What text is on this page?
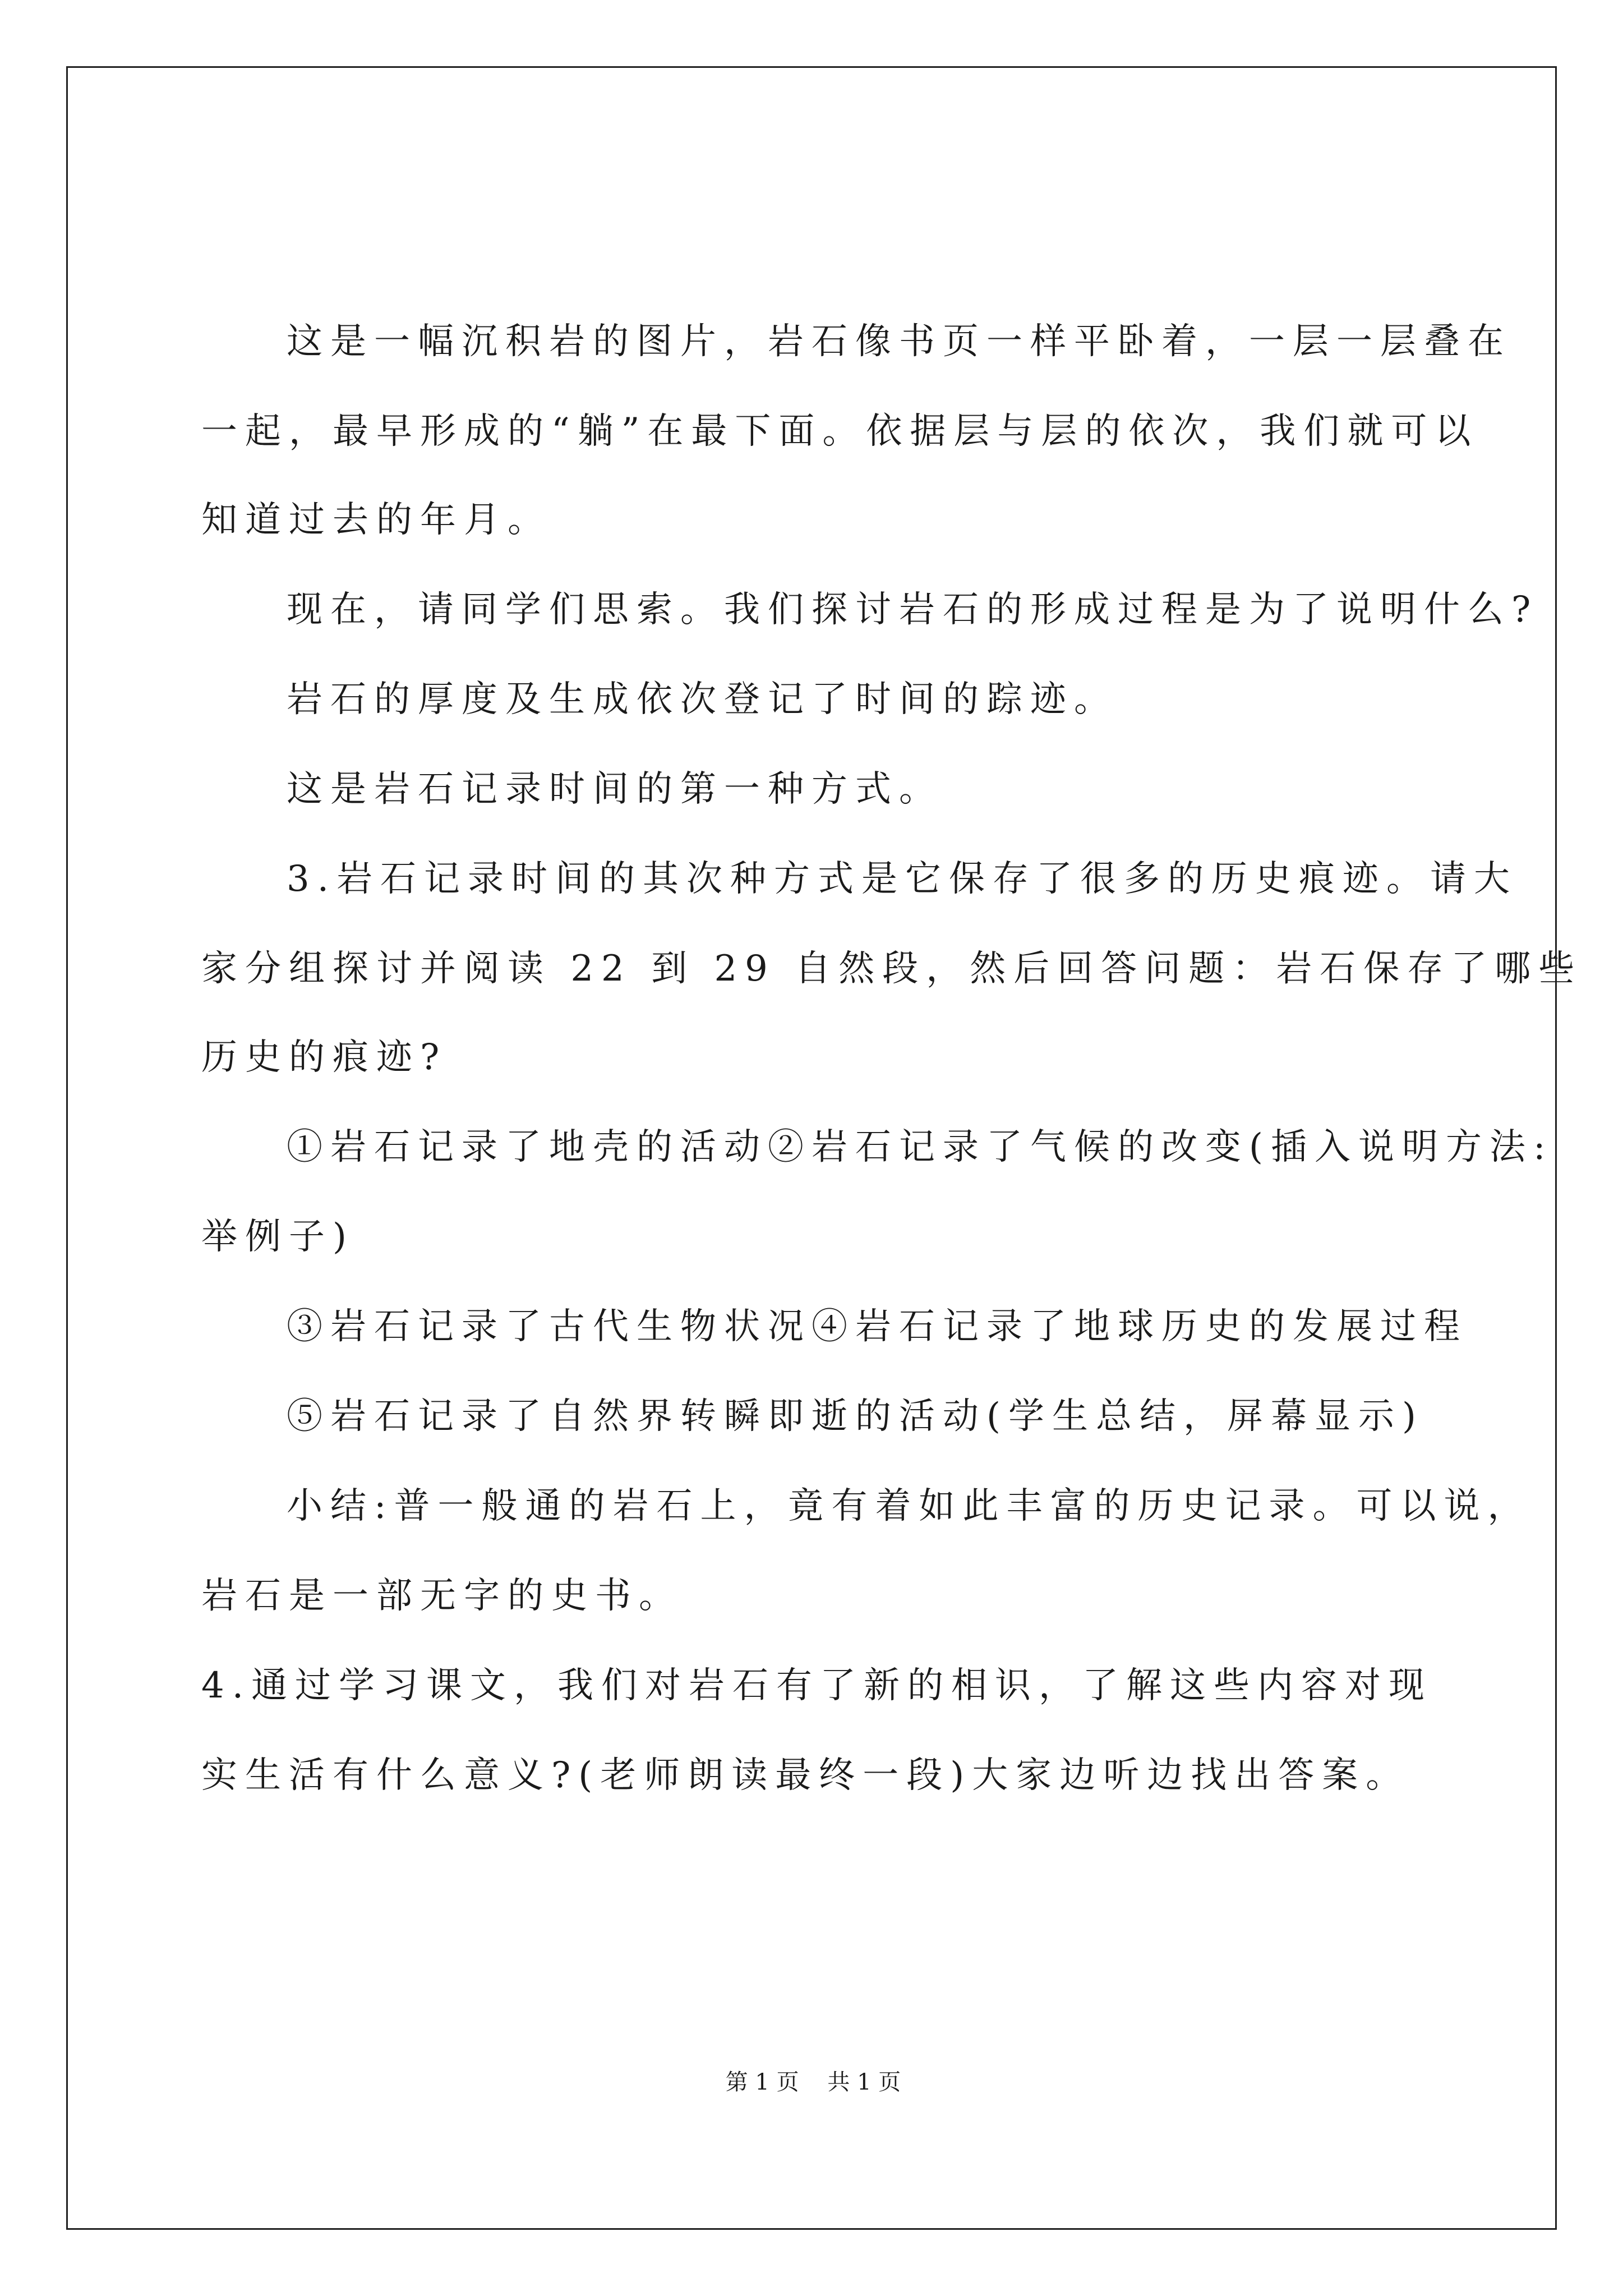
这是一幅沉积岩的图片，岩石像书页一样平卧着，一层一层叠在
一起，最早形成的“躺”在最下面。依据层与层的依次，我们就可以
知道过去的年月。
现在，请同学们思索。我们探讨岩石的形成过程是为了说明什么?
岩石的厚度及生成依次登记了时间的踪迹。
这是岩石记录时间的第一种方式。
3.岩石记录时间的其次种方式是它保存了很多的历史痕迹。请大
家分组探讨并阅读 22 到 29 自然段，然后回答问题：岩石保存了哪些
历史的痕迹?
①岩石记录了地壳的活动②岩石记录了气候的改变(插入说明方法:
举例子)
③岩石记录了古代生物状况④岩石记录了地球历史的发展过程
⑤岩石记录了自然界转瞬即逝的活动(学生总结，屏幕显示)
小结:普一般通的岩石上，竟有着如此丰富的历史记录。可以说，
岩石是一部无字的史书。
4.通过学习课文，我们对岩石有了新的相识，了解这些内容对现
实生活有什么意义?(老师朗读最终一段)大家边听边找出答案。
第 1 页    共 1 页
